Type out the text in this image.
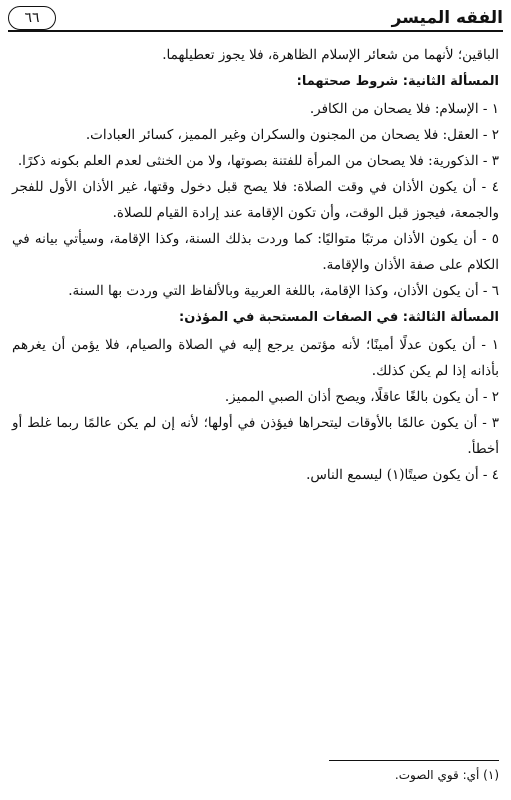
الفقه الميسر
٦٦

الباقين؛ لأنهما من شعائر الإسلام الظاهرة، فلا يجوز تعطيلهما.

المسألة الثانية: شروط صحتهما:

١ - الإسلام: فلا يصحان من الكافر.

٢ - العقل: فلا يصحان من المجنون والسكران وغير المميز، كسائر العبادات.

٣ - الذكورية: فلا يصحان من المرأة للفتنة بصوتها، ولا من الخنثى لعدم العلم بكونه ذكرًا.

٤ - أن يكون الأذان في وقت الصلاة: فلا يصح قبل دخول وقتها، غير الأذان الأول للفجر والجمعة، فيجوز قبل الوقت، وأن تكون الإقامة عند إرادة القيام للصلاة.

٥ - أن يكون الأذان مرتبًا متواليًا: كما وردت بذلك السنة، وكذا الإقامة، وسيأتي بيانه في الكلام على صفة الأذان والإقامة.

٦ - أن يكون الأذان، وكذا الإقامة، باللغة العربية وبالألفاظ التي وردت بها السنة.

المسألة الثالثة: في الصفات المستحبة في المؤذن:

١ - أن يكون عدلًا أمينًا؛ لأنه مؤتمن يرجع إليه في الصلاة والصيام، فلا يؤمن أن يغرهم بأذانه إذا لم يكن كذلك.

٢ - أن يكون بالغًا عاقلًا، ويصح أذان الصبي المميز.

٣ - أن يكون عالمًا بالأوقات ليتحراها فيؤذن في أولها؛ لأنه إن لم يكن عالمًا ربما غلط أو أخطأ.

٤ - أن يكون صيتًا(١) ليسمع الناس.

(١) أي: قوي الصوت.
